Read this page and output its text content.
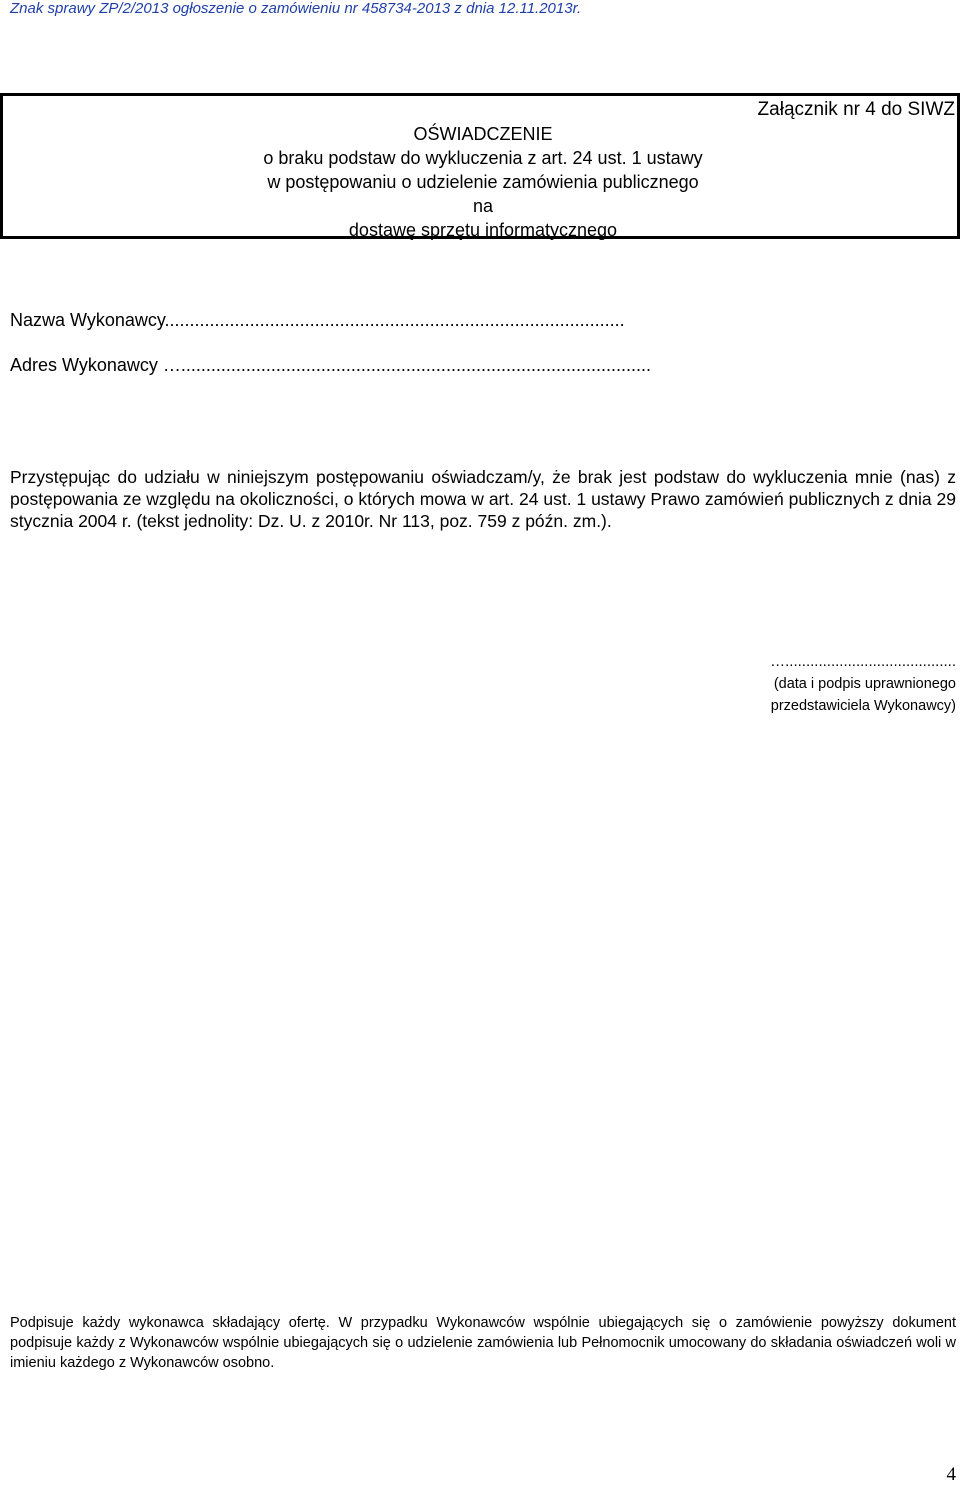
Znak sprawy ZP/2/2013 ogłoszenie o zamówieniu nr 458734-2013 z dnia 12.11.2013r.
Załącznik nr 4 do SIWZ
OŚWIADCZENIE
o braku podstaw do wykluczenia z art. 24 ust. 1 ustawy
w postępowaniu o udzielenie zamówienia publicznego
na
dostawę sprzętu informatycznego
Nazwa Wykonawcy............................................................................................
Adres Wykonawcy …..............................................................................................
Przystępując do udziału w niniejszym postępowaniu oświadczam/y, że brak jest podstaw do wykluczenia mnie (nas) z postępowania ze względu na okoliczności, o których mowa w art. 24 ust. 1 ustawy Prawo zamówień publicznych z dnia 29 stycznia 2004 r. (tekst jednolity: Dz. U. z 2010r. Nr 113, poz. 759 z późn. zm.).
….........................................
(data i podpis uprawnionego
przedstawiciela Wykonawcy)
Podpisuje każdy wykonawca składający ofertę. W przypadku Wykonawców wspólnie ubiegających się o zamówienie powyższy dokument podpisuje każdy z Wykonawców wspólnie ubiegających się o udzielenie zamówienia lub Pełnomocnik umocowany do składania oświadczeń woli w imieniu każdego z Wykonawców osobno.
4
